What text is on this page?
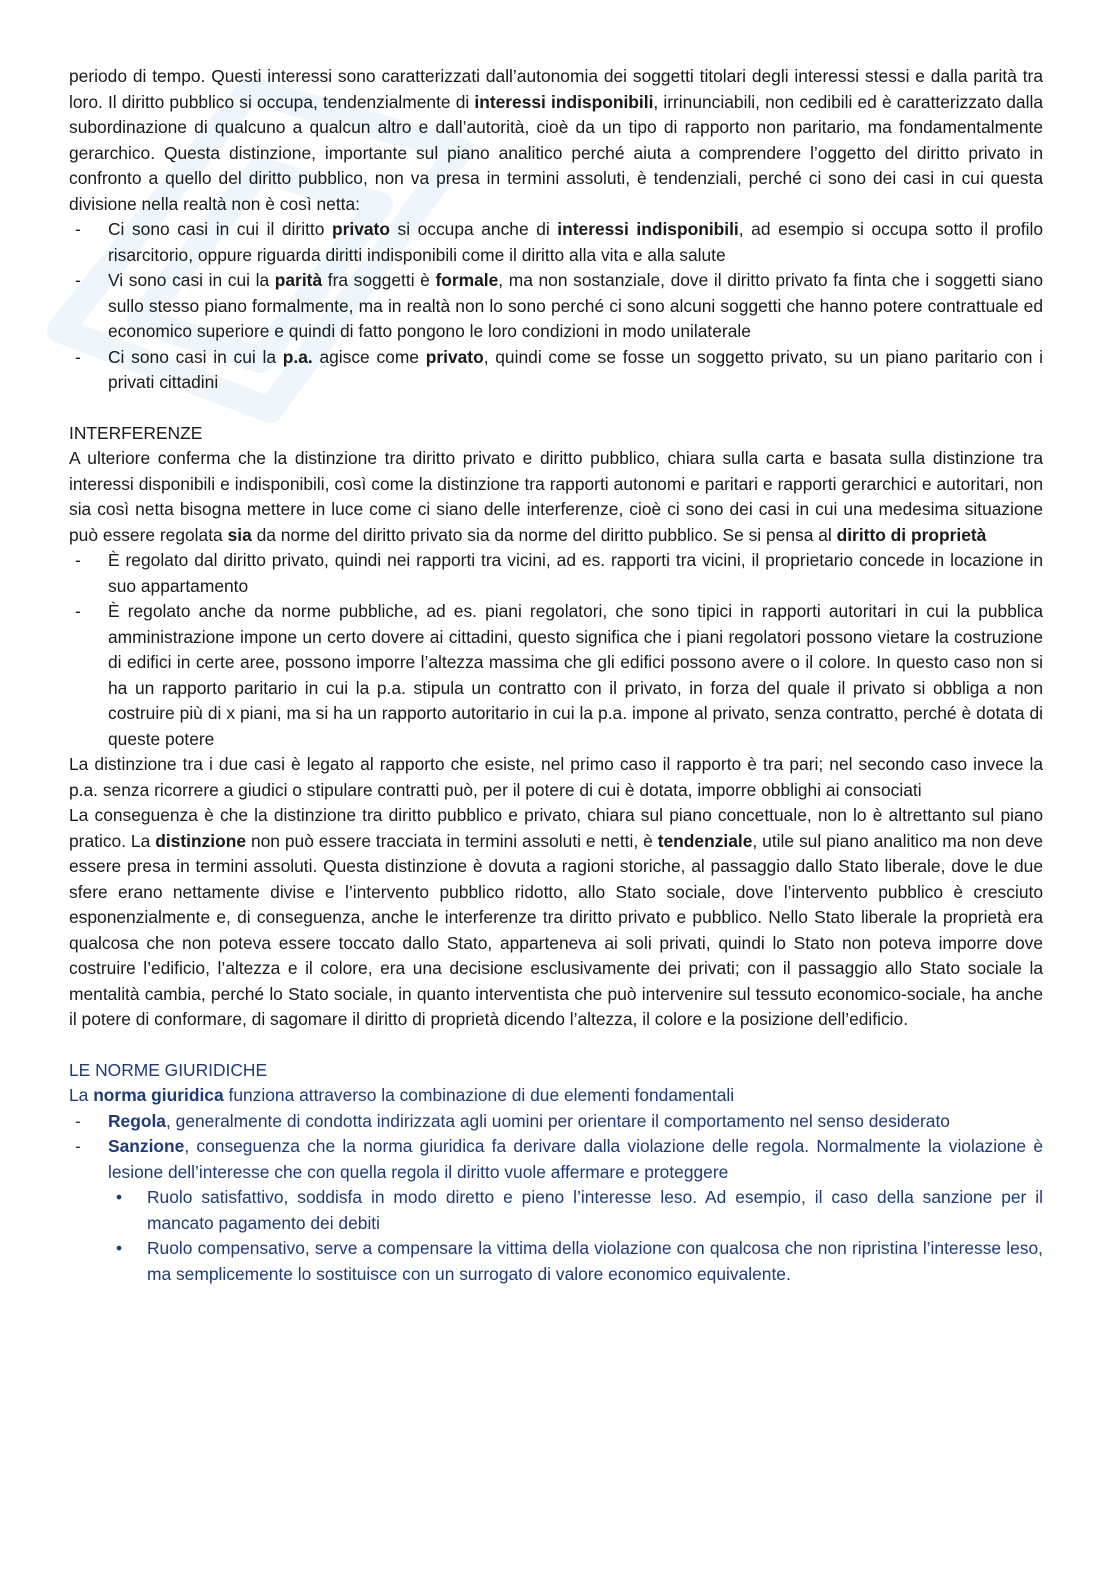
periodo di tempo. Questi interessi sono caratterizzati dall’autonomia dei soggetti titolari degli interessi stessi e dalla parità tra loro. Il diritto pubblico si occupa, tendenzialmente di interessi indisponibili, irrinunciabili, non cedibili ed è caratterizzato dalla subordinazione di qualcuno a qualcun altro e dall’autorità, cioè da un tipo di rapporto non paritario, ma fondamentalmente gerarchico. Questa distinzione, importante sul piano analitico perché aiuta a comprendere l’oggetto del diritto privato in confronto a quello del diritto pubblico, non va presa in termini assoluti, è tendenziali, perché ci sono dei casi in cui questa divisione nella realtà non è così netta:

- Ci sono casi in cui il diritto privato si occupa anche di interessi indisponibili, ad esempio si occupa sotto il profilo risarcitorio, oppure riguarda diritti indisponibili come il diritto alla vita e alla salute
- Vi sono casi in cui la parità fra soggetti è formale, ma non sostanziale, dove il diritto privato fa finta che i soggetti siano sullo stesso piano formalmente, ma in realtà non lo sono perché ci sono alcuni soggetti che hanno potere contrattuale ed economico superiore e quindi di fatto pongono le loro condizioni in modo unilaterale
- Ci sono casi in cui la p.a. agisce come privato, quindi come se fosse un soggetto privato, su un piano paritario con i privati cittadini

INTERFERENZE

A ulteriore conferma che la distinzione tra diritto privato e diritto pubblico, chiara sulla carta e basata sulla distinzione tra interessi disponibili e indisponibili, così come la distinzione tra rapporti autonomi e paritari e rapporti gerarchici e autoritari, non sia così netta bisogna mettere in luce come ci siano delle interferenze, cioè ci sono dei casi in cui una medesima situazione può essere regolata sia da norme del diritto privato sia da norme del diritto pubblico. Se si pensa al diritto di proprietà

- È regolato dal diritto privato, quindi nei rapporti tra vicini, ad es. rapporti tra vicini, il proprietario concede in locazione in suo appartamento
- È regolato anche da norme pubbliche, ad es. piani regolatori, che sono tipici in rapporti autoritari in cui la pubblica amministrazione impone un certo dovere ai cittadini, questo significa che i piani regolatori possono vietare la costruzione di edifici in certe aree, possono imporre l’altezza massima che gli edifici possono avere o il colore. In questo caso non si ha un rapporto paritario in cui la p.a. stipula un contratto con il privato, in forza del quale il privato si obbliga a non costruire più di x piani, ma si ha un rapporto autoritario in cui la p.a. impone al privato, senza contratto, perché è dotata di queste potere

La distinzione tra i due casi è legato al rapporto che esiste, nel primo caso il rapporto è tra pari; nel secondo caso invece la p.a. senza ricorrere a giudici o stipulare contratti può, per il potere di cui è dotata, imporre obblighi ai consociati

La conseguenza è che la distinzione tra diritto pubblico e privato, chiara sul piano concettuale, non lo è altrettanto sul piano pratico. La distinzione non può essere tracciata in termini assoluti e netti, è tendenziale, utile sul piano analitico ma non deve essere presa in termini assoluti. Questa distinzione è dovuta a ragioni storiche, al passaggio dallo Stato liberale, dove le due sfere erano nettamente divise e l’intervento pubblico ridotto, allo Stato sociale, dove l’intervento pubblico è cresciuto esponenzialmente e, di conseguenza, anche le interferenze tra diritto privato e pubblico. Nello Stato liberale la proprietà era qualcosa che non poteva essere toccato dallo Stato, apparteneva ai soli privati, quindi lo Stato non poteva imporre dove costruire l’edificio, l’altezza e il colore, era una decisione esclusivamente dei privati; con il passaggio allo Stato sociale la mentalità cambia, perché lo Stato sociale, in quanto interventista che può intervenire sul tessuto economico-sociale, ha anche il potere di conformare, di sagomare il diritto di proprietà dicendo l’altezza, il colore e la posizione dell’edificio.

LE NORME GIURIDICHE

La norma giuridica funziona attraverso la combinazione di due elementi fondamentali

- Regola, generalmente di condotta indirizzata agli uomini per orientare il comportamento nel senso desiderato
- Sanzione, conseguenza che la norma giuridica fa derivare dalla violazione delle regola. Normalmente la violazione è lesione dell’interesse che con quella regola il diritto vuole affermare e proteggere
• Ruolo satisfattivo, soddisfa in modo diretto e pieno l’interesse leso. Ad esempio, il caso della sanzione per il mancato pagamento dei debiti
• Ruolo compensativo, serve a compensare la vittima della violazione con qualcosa che non ripristina l’interesse leso, ma semplicemente lo sostituisce con un surrogato di valore economico equivalente.
